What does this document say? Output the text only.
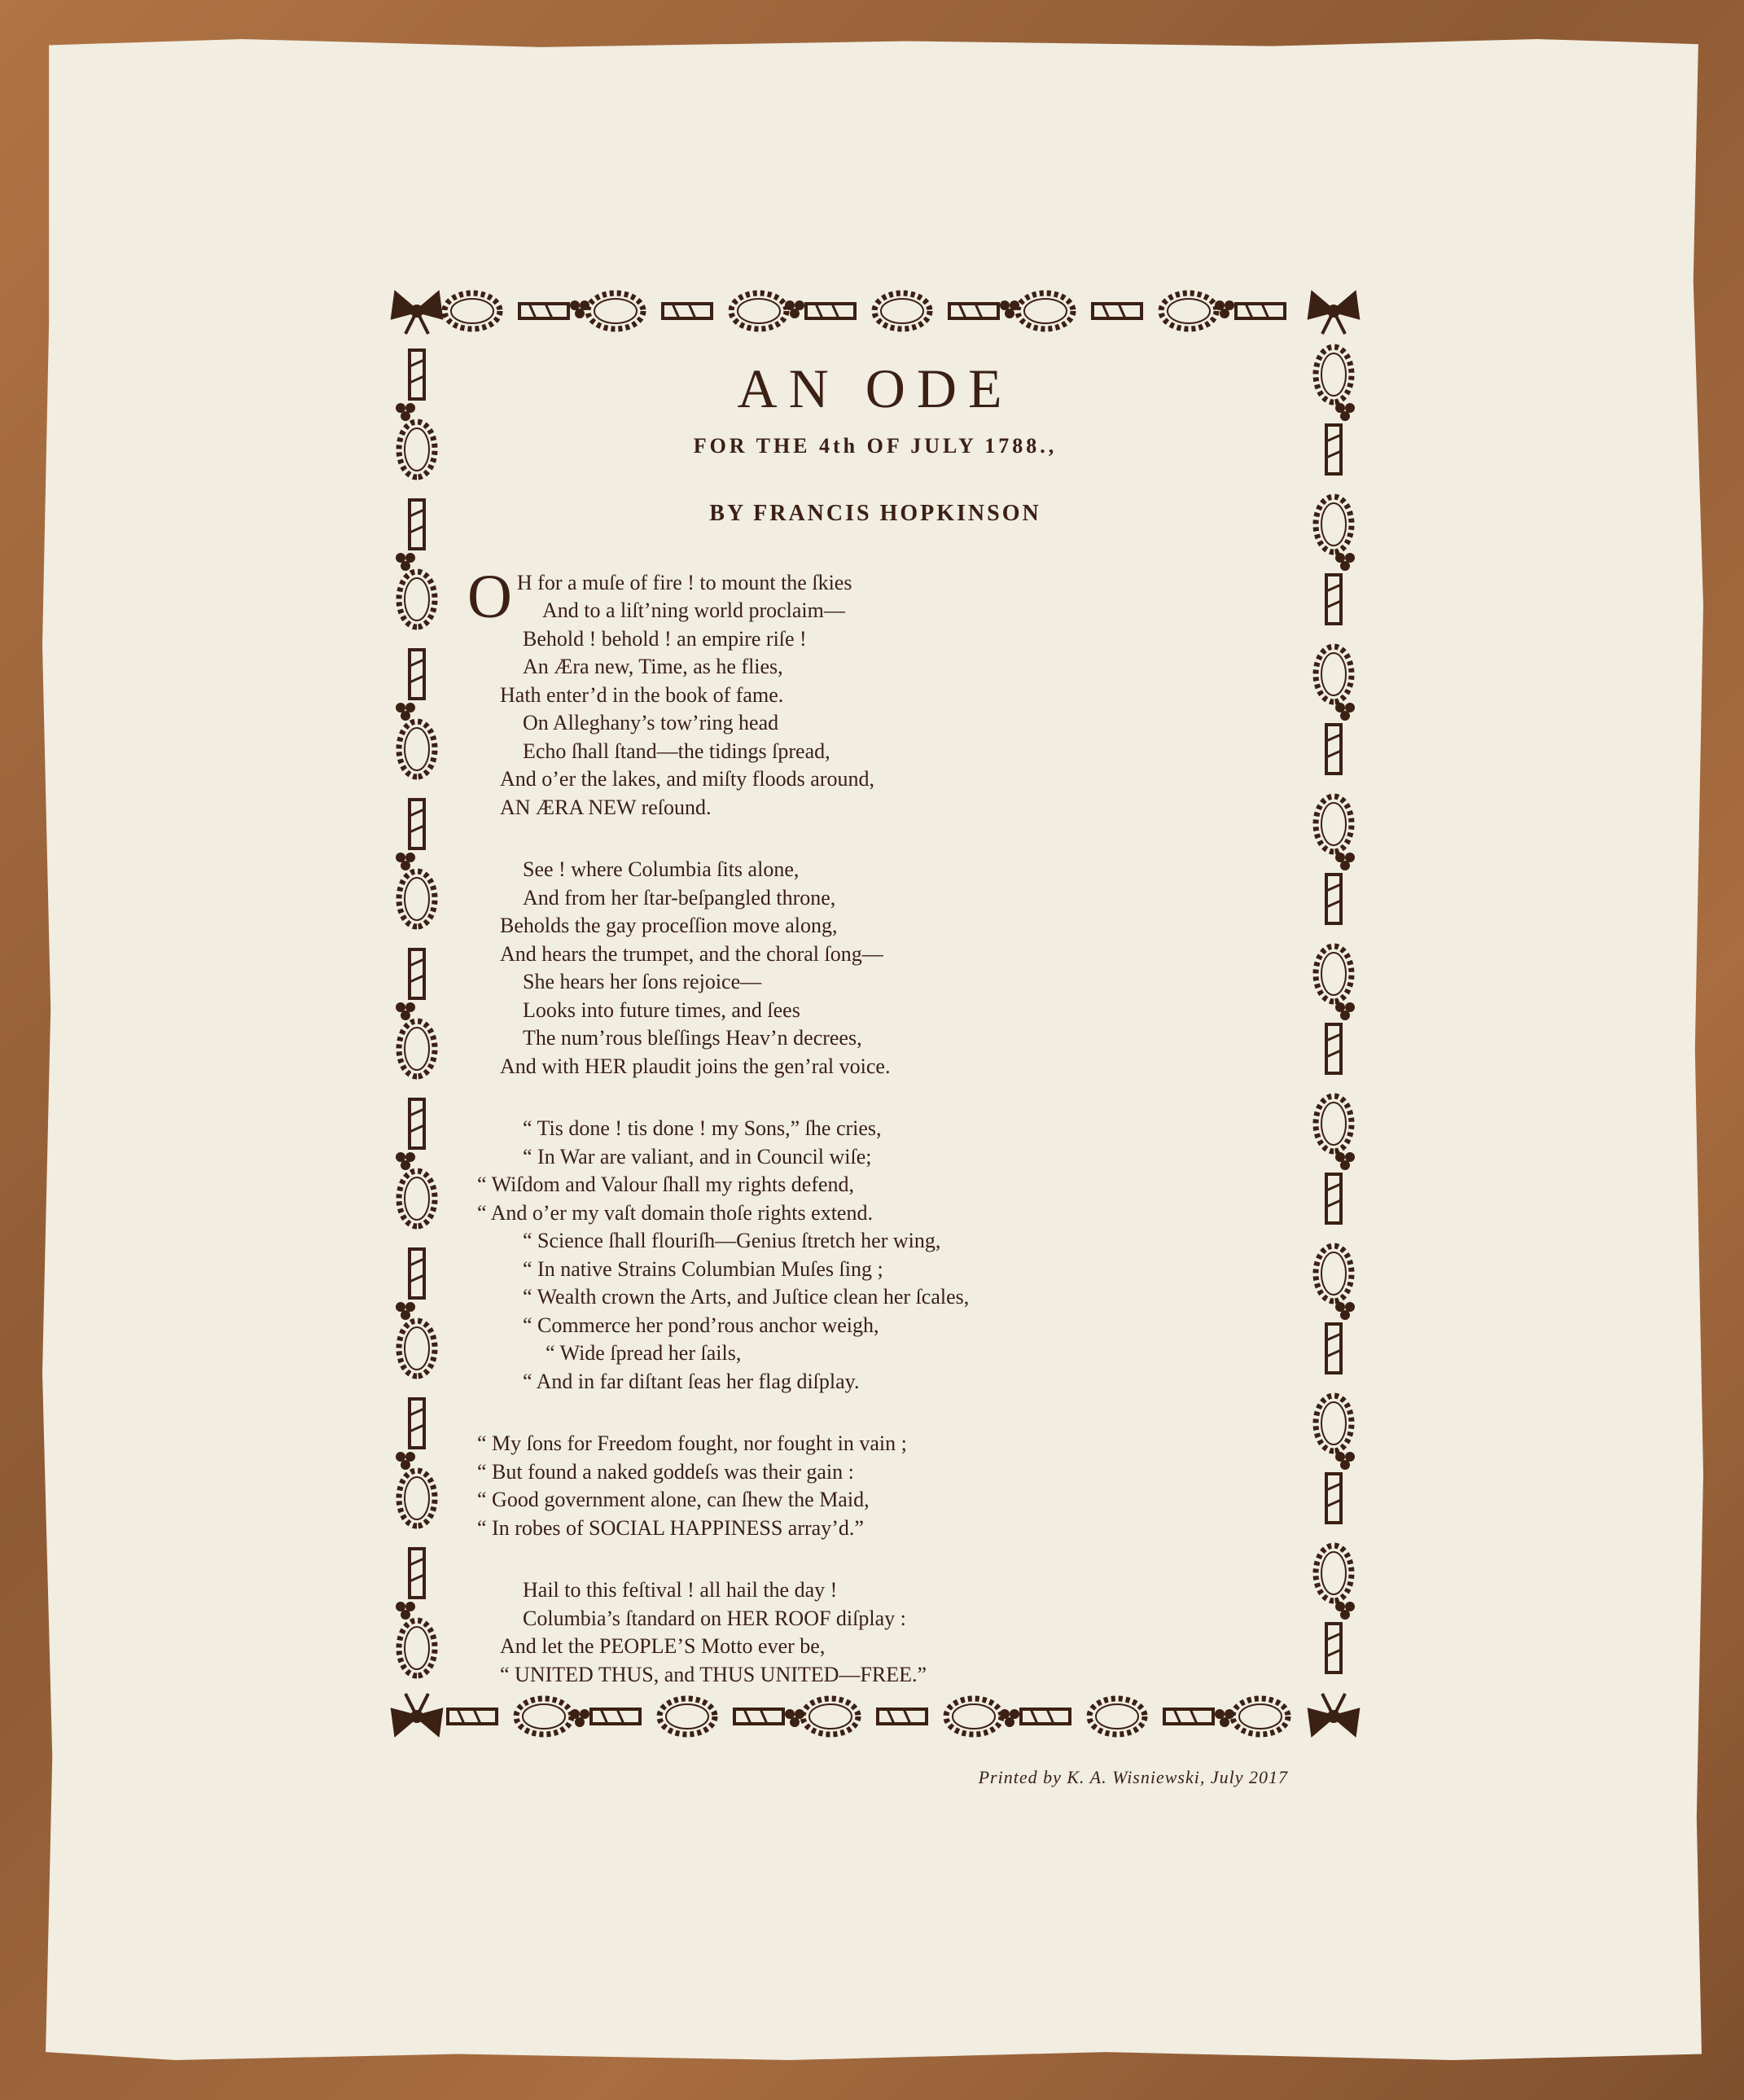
AN ODE
FOR THE 4th OF JULY 1788.,
BY FRANCIS HOPKINSON
O H for a muſe of fire ! to mount the ſkies
And to a liſt’ning world proclaim—
Behold ! behold ! an empire riſe !
An Æra new, Time, as he flies,
Hath enter’d in the book of fame.
On Alleghany’s tow’ring head
Echo ſhall ſtand—the tidings ſpread,
And o’er the lakes, and miſty floods around,
AN ÆRA NEW reſound.
See ! where Columbia ſits alone,
And from her ſtar-beſpangled throne,
Beholds the gay proceſſion move along,
And hears the trumpet, and the choral ſong—
She hears her ſons rejoice—
Looks into future times, and ſees
The num’rous bleſſings Heav’n decrees,
And with HER plaudit joins the gen’ral voice.
“ Tis done ! tis done ! my Sons,” ſhe cries,
“ In War are valiant, and in Council wiſe;
“ Wiſdom and Valour ſhall my rights defend,
“ And o’er my vaſt domain thoſe rights extend.
“ Science ſhall flouriſh—Genius ſtretch her wing,
“ In native Strains Columbian Muſes ſing ;
“ Wealth crown the Arts, and Juſtice clean her ſcales,
“ Commerce her pond’rous anchor weigh,
“ Wide ſpread her ſails,
“ And in far diſtant ſeas her flag diſplay.
“ My ſons for Freedom fought, nor fought in vain ;
“ But found a naked goddeſs was their gain :
“ Good government alone, can ſhew the Maid,
“ In robes of SOCIAL HAPPINESS array’d.”
Hail to this feſtival ! all hail the day !
Columbia’s ſtandard on HER ROOF diſplay :
And let the PEOPLE’S Motto ever be,
“ UNITED THUS, and THUS UNITED—FREE.”
Printed by K. A. Wisniewski, July 2017
